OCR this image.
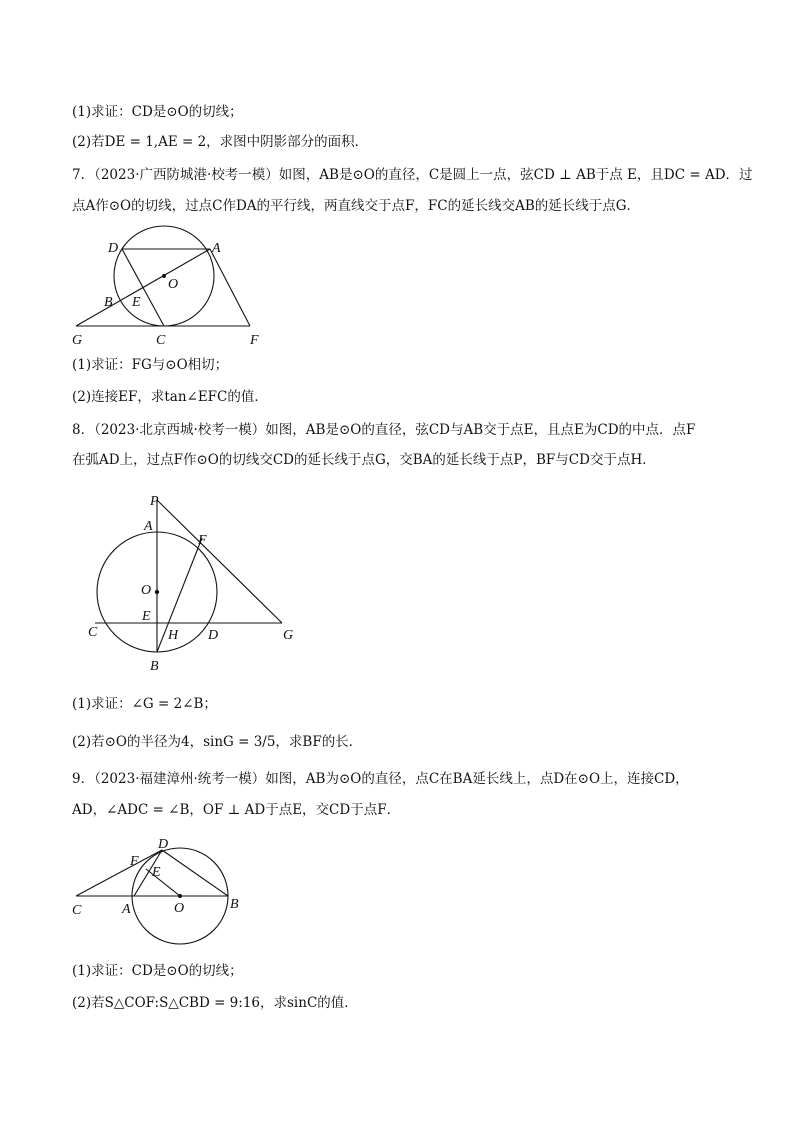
(1)求证：CD是⊙O的切线；
(2)若DE = 1,AE = 2，求图中阴影部分的面积．
7．（2023·广西防城港·校考一模）如图，AB是⊙O的直径，C是圆上一点，弦CD ⊥ AB于点 E，且DC = AD．过
点A作⊙O的切线，过点C作DA的平行线，两直线交于点F，FC的延长线交AB的延长线于点G．
D	A
O
B E
G	C	F
(1)求证：FG与⊙O相切；
(2)连接EF，求tan∠EFC的值．
8．（2023·北京西城·校考一模）如图，AB是⊙O的直径，弦CD与AB交于点E，且点E为CD的中点．点F
在弧AD上，过点F作⊙O的切线交CD的延长线于点G，交BA的延长线于点P，BF与CD交于点H．
P
A
F
O
E
C	H D	G
B
(1)求证：∠G = 2∠B；
(2)若⊙O的半径为4，sinG = 3/5，求BF的长．
9．（2023·福建漳州·统考一模）如图，AB为⊙O的直径，点C在BA延长线上，点D在⊙O上，连接CD，
AD，∠ADC = ∠B，OF ⊥ AD于点E，交CD于点F．
D
F
E
C	A	O	B
(1)求证：CD是⊙O的切线；
(2)若S△COF:S△CBD = 9:16，求sinC的值．
